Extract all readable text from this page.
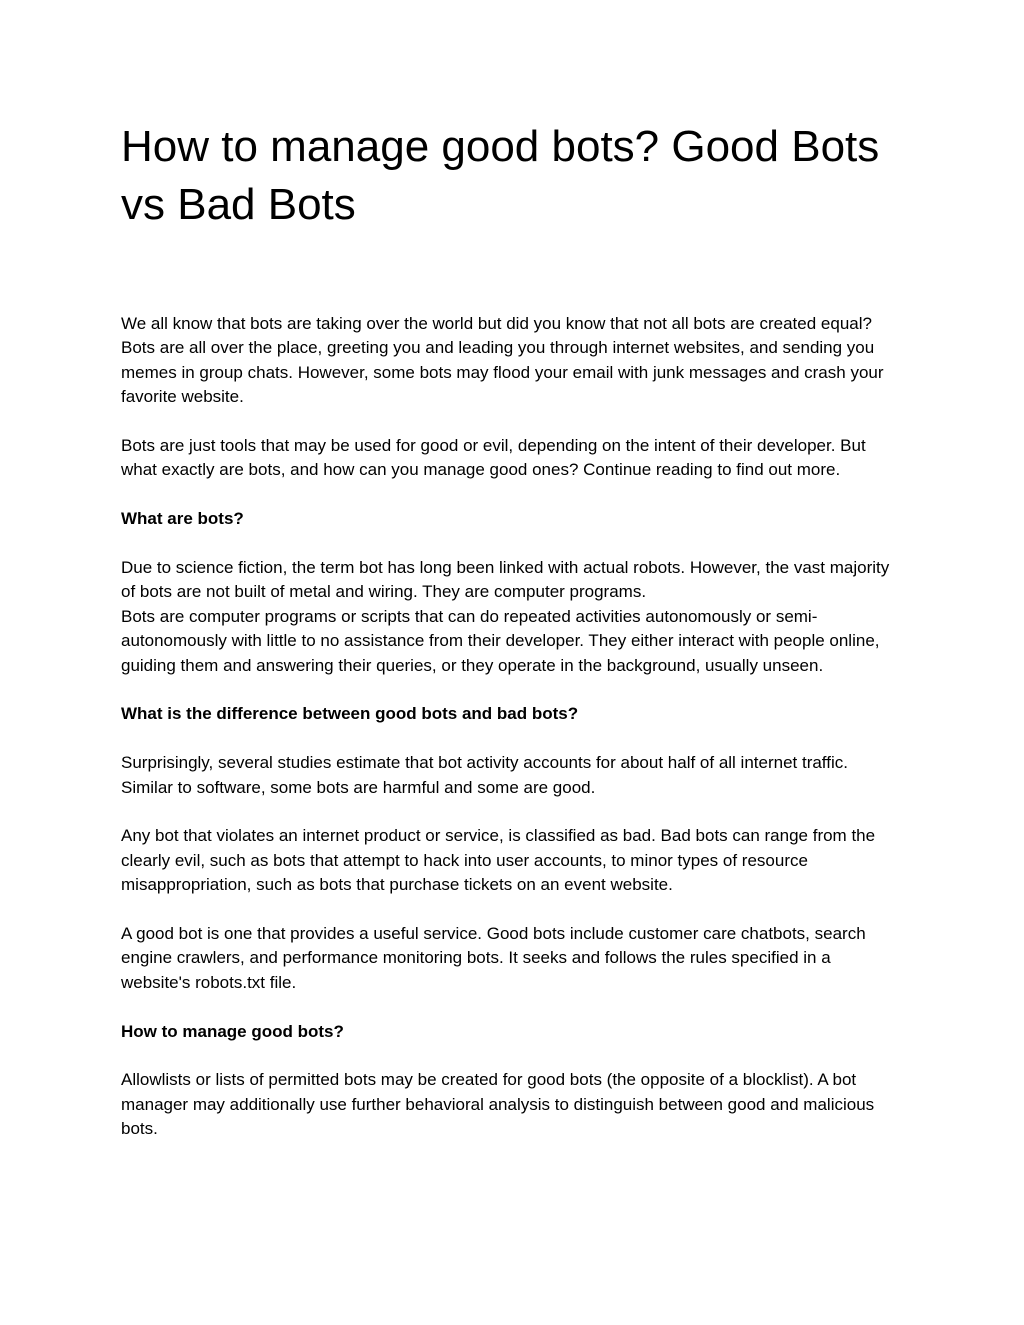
How to manage good bots? Good Bots vs Bad Bots

We all know that bots are taking over the world but did you know that not all bots are created equal? Bots are all over the place, greeting you and leading you through internet websites, and sending you memes in group chats. However, some bots may flood your email with junk messages and crash your favorite website.

Bots are just tools that may be used for good or evil, depending on the intent of their developer. But what exactly are bots, and how can you manage good ones? Continue reading to find out more.

What are bots?

Due to science fiction, the term bot has long been linked with actual robots. However, the vast majority of bots are not built of metal and wiring. They are computer programs.

Bots are computer programs or scripts that can do repeated activities autonomously or semi-autonomously with little to no assistance from their developer. They either interact with people online, guiding them and answering their queries, or they operate in the background, usually unseen.

What is the difference between good bots and bad bots?

Surprisingly, several studies estimate that bot activity accounts for about half of all internet traffic. Similar to software, some bots are harmful and some are good.

Any bot that violates an internet product or service, is classified as bad. Bad bots can range from the clearly evil, such as bots that attempt to hack into user accounts, to minor types of resource misappropriation, such as bots that purchase tickets on an event website.

A good bot is one that provides a useful service. Good bots include customer care chatbots, search engine crawlers, and performance monitoring bots. It seeks and follows the rules specified in a website's robots.txt file.

How to manage good bots?

Allowlists or lists of permitted bots may be created for good bots (the opposite of a blocklist). A bot manager may additionally use further behavioral analysis to distinguish between good and malicious bots.
